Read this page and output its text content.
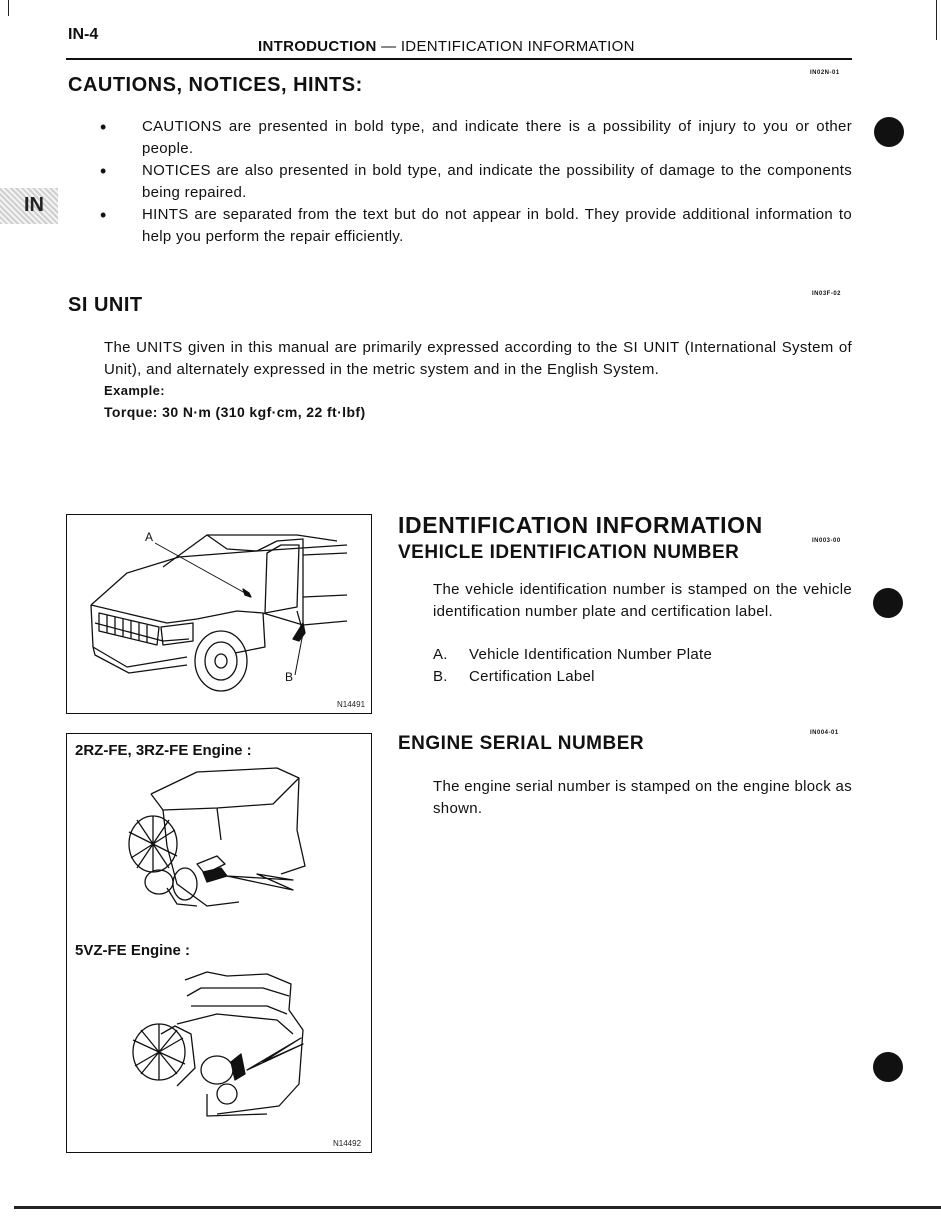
IN-4
INTRODUCTION — IDENTIFICATION INFORMATION
CAUTIONS, NOTICES, HINTS:
IN02N-01
• CAUTIONS are presented in bold type, and indicate there is a possibility of injury to you or other people.
• NOTICES are also presented in bold type, and indicate the possibility of damage to the components being repaired.
• HINTS are separated from the text but do not appear in bold. They provide additional information to help you perform the repair efficiently.
IN
SI UNIT	IN03F-02
The UNITS given in this manual are primarily expressed according to the SI UNIT (International System of Unit), and alternately expressed in the metric system and in the English System.
Example:
Torque: 30 N·m (310 kgf·cm, 22 ft·lbf)
IDENTIFICATION INFORMATION
IN003-00
VEHICLE IDENTIFICATION NUMBER
The vehicle identification number is stamped on the vehicle identification number plate and certification label.
A. Vehicle Identification Number Plate
B. Certification Label
ENGINE SERIAL NUMBER	IN004-01
The engine serial number is stamped on the engine block as shown.
A
B
N14491
2RZ-FE, 3RZ-FE Engine :
5VZ-FE Engine :
N14492
